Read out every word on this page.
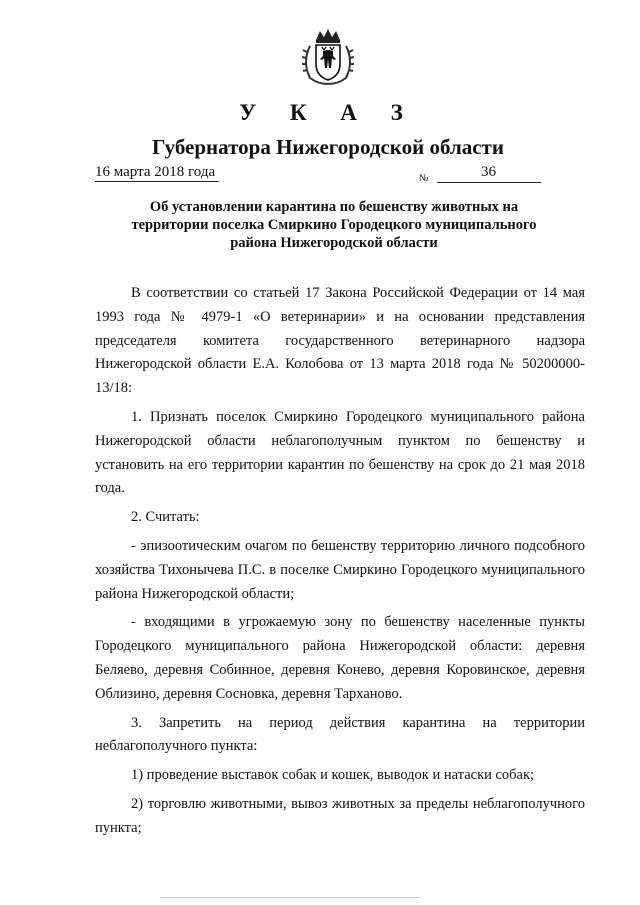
У К А З
Губернатора Нижегородской области
16 марта 2018 года	№	36
Об установлении карантина по бешенству животных на
территории поселка Смиркино Городецкого муниципального
района Нижегородской области

В соответствии со статьей 17 Закона Российской Федерации от 14 мая 1993 года № 4979-1 «О ветеринарии» и на основании представления председателя комитета государственного ветеринарного надзора Нижегородской области Е.А. Колобова от 13 марта 2018 года № 50200000-13/18:

1. Признать поселок Смиркино Городецкого муниципального района Нижегородской области неблагополучным пунктом по бешенству и установить на его территории карантин по бешенству на срок до 21 мая 2018 года.

2. Считать:

- эпизоотическим очагом по бешенству территорию личного подсобного хозяйства Тихонычева П.С. в поселке Смиркино Городецкого муниципального района Нижегородской области;

- входящими в угрожаемую зону по бешенству населенные пункты Городецкого муниципального района Нижегородской области: деревня Беляево, деревня Собинное, деревня Конево, деревня Коровинское, деревня Облизино, деревня Сосновка, деревня Тарханово.

3. Запретить на период действия карантина на территории неблагополучного пункта:

1) проведение выставок собак и кошек, выводок и натаски собак;

2) торговлю животными, вывоз животных за пределы неблагополучного пункта;
